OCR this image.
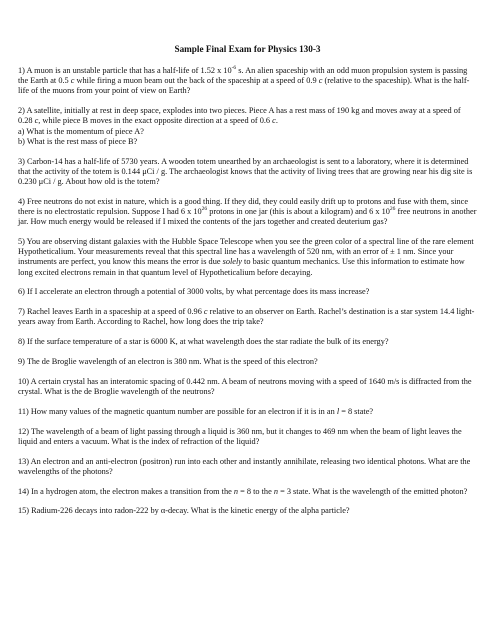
Sample Final Exam for Physics 130-3
1) A muon is an unstable particle that has a half-life of 1.52 x $10^{-6}$ s. An alien spaceship with an odd muon propulsion system is passing the Earth at 0.5 c while firing a muon beam out the back of the spaceship at a speed of 0.9 c (relative to the spaceship). What is the half-life of the muons from your point of view on Earth?
2) A satellite, initially at rest in deep space, explodes into two pieces. Piece A has a rest mass of 190 kg and moves away at a speed of 0.28 c, while piece B moves in the exact opposite direction at a speed of 0.6 c.
a) What is the momentum of piece A?
b) What is the rest mass of piece B?
3) Carbon-14 has a half-life of 5730 years. A wooden totem unearthed by an archaeologist is sent to a laboratory, where it is determined that the activity of the totem is 0.144 μCi / g. The archaeologist knows that the activity of living trees that are growing near his dig site is 0.230 μCi / g. About how old is the totem?
4) Free neutrons do not exist in nature, which is a good thing. If they did, they could easily drift up to protons and fuse with them, since there is no electrostatic repulsion. Suppose I had 6 x $10^{26}$ protons in one jar (this is about a kilogram) and 6 x $10^{26}$ free neutrons in another jar. How much energy would be released if I mixed the contents of the jars together and created deuterium gas?
5) You are observing distant galaxies with the Hubble Space Telescope when you see the green color of a spectral line of the rare element Hypotheticalium. Your measurements reveal that this spectral line has a wavelength of 520 nm, with an error of ± 1 nm. Since your instruments are perfect, you know this means the error is due solely to basic quantum mechanics. Use this information to estimate how long excited electrons remain in that quantum level of Hypotheticalium before decaying.
6) If I accelerate an electron through a potential of 3000 volts, by what percentage does its mass increase?
7) Rachel leaves Earth in a spaceship at a speed of 0.96 c relative to an observer on Earth. Rachel’s destination is a star system 14.4 light-years away from Earth. According to Rachel, how long does the trip take?
8) If the surface temperature of a star is 6000 K, at what wavelength does the star radiate the bulk of its energy?
9) The de Broglie wavelength of an electron is 380 nm. What is the speed of this electron?
10) A certain crystal has an interatomic spacing of 0.442 nm. A beam of neutrons moving with a speed of 1640 m/s is diffracted from the crystal. What is the de Broglie wavelength of the neutrons?
11) How many values of the magnetic quantum number are possible for an electron if it is in an l = 8 state?
12) The wavelength of a beam of light passing through a liquid is 360 nm, but it changes to 469 nm when the beam of light leaves the liquid and enters a vacuum. What is the index of refraction of the liquid?
13) An electron and an anti-electron (positron) run into each other and instantly annihilate, releasing two identical photons. What are the wavelengths of the photons?
14) In a hydrogen atom, the electron makes a transition from the n = 8 to the n = 3 state. What is the wavelength of the emitted photon?
15) Radium-226 decays into radon-222 by α-decay. What is the kinetic energy of the alpha particle?
